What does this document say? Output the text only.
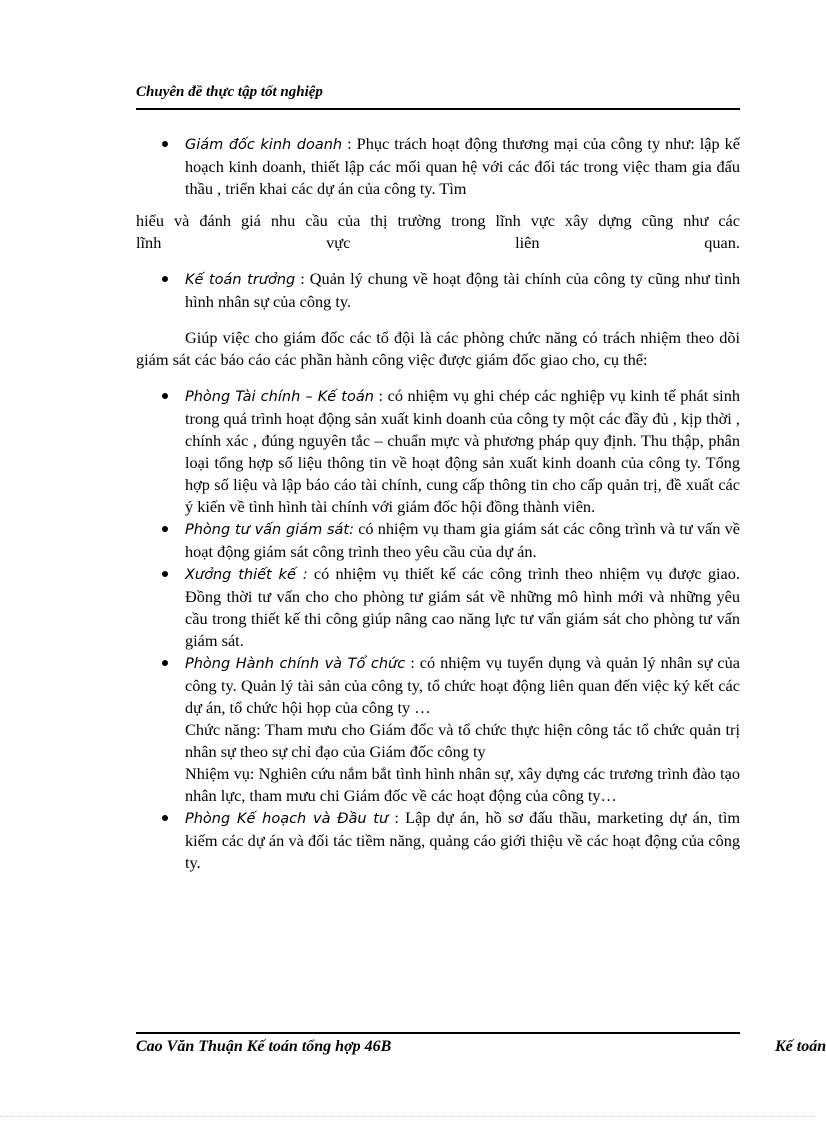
Chuyên đề thực tập tốt nghiệp
Giám đốc kinh doanh : Phục trách hoạt động thương mại của công ty như: lập kế hoạch kinh doanh, thiết lập các mối quan hệ với các đối tác trong việc tham gia đấu thầu , triển khai các dự án của công ty. Tìm
hiểu và đánh giá nhu cầu của thị trường trong lĩnh vực xây dựng cũng như các
lĩnh vực liên quan.
Kế toán trưởng : Quản lý chung về hoạt động tài chính của công ty cũng như tình hình nhân sự của công ty.
Giúp việc cho giám đốc các tổ đội là các phòng chức năng có trách nhiệm theo dõi giám sát các báo cáo các phần hành công việc được giám đốc giao cho, cụ thể:
Phòng Tài chính – Kế toán : có nhiệm vụ ghi chép các nghiệp vụ kinh tế phát sinh trong quá trình hoạt động sản xuất kinh doanh của công ty một các đầy đủ , kịp thời , chính xác , đúng nguyên tắc – chuẩn mực và phương pháp quy định. Thu thập, phân loại tổng hợp số liệu thông tin về hoạt động sản xuất kinh doanh của công ty. Tổng hợp số liệu và lập báo cáo tài chính, cung cấp thông tin cho cấp quản trị, đề xuất các ý kiến về tình hình tài chính với giám đốc hội đồng thành viên.
Phòng tư vấn giám sát: có nhiệm vụ tham gia giám sát các công trình và tư vấn về hoạt động giám sát công trình theo yêu cầu của dự án.
Xưởng thiết kế : có nhiệm vụ thiết kế các công trình theo nhiệm vụ được giao. Đồng thời tư vấn cho cho phòng tư giám sát về những mô hình mới và những yêu cầu trong thiết kế thi công giúp nâng cao năng lực tư vấn giám sát cho phòng tư vấn giám sát.
Phòng Hành chính và Tổ chức : có nhiệm vụ tuyển dụng và quản lý nhân sự của công ty. Quản lý tài sản của công ty, tổ chức hoạt động liên quan đến việc ký kết các dự án, tổ chức hội họp của công ty …
Chức năng: Tham mưu cho Giám đốc và tổ chức thực hiện công tác tổ chức quản trị nhân sự theo sự chỉ đạo của Giám đốc công ty
Nhiệm vụ: Nghiên cứu nắm bắt tình hình nhân sự, xây dựng các trương trình đào tạo nhân lực, tham mưu chi Giám đốc về các hoạt động của công ty…
Phòng Kế hoạch và Đầu tư : Lập dự án, hồ sơ đấu thầu, marketing dự án, tìm kiếm các dự án và đối tác tiềm năng, quảng cáo giới thiệu về các hoạt động của công ty.
Cao Văn Thuận Kế toán tổng hợp 46B	Kế toán
